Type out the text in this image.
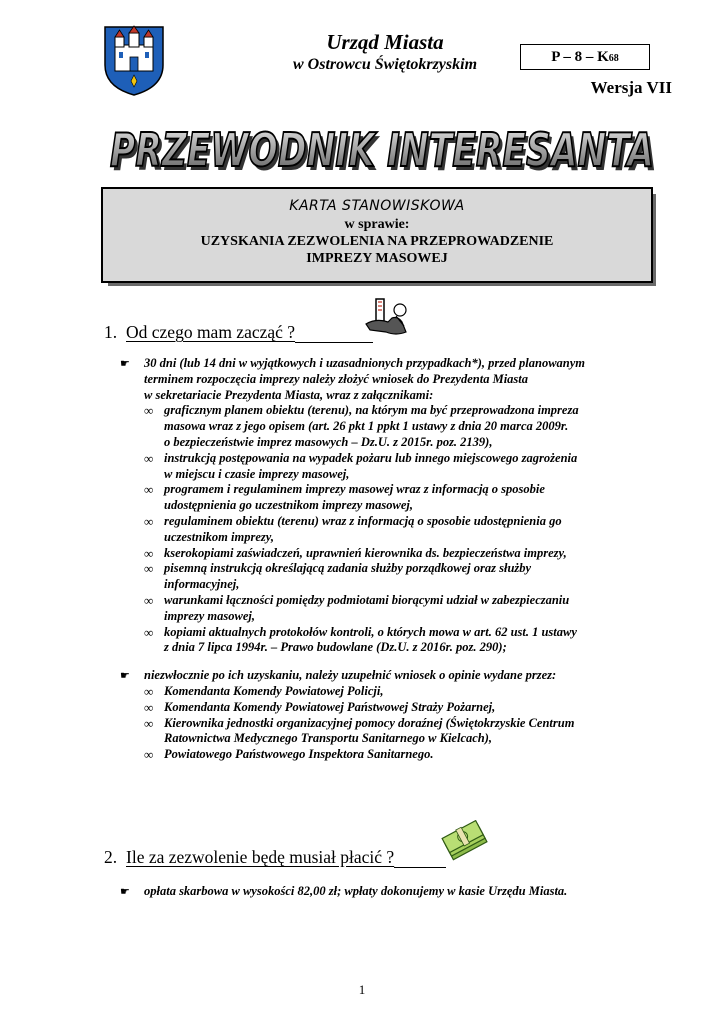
Urząd Miasta
w Ostrowcu Świętokrzyskim	P – 8 – K68
Wersja VII
PRZEWODNIK INTERESANTA
PRZEWODNIK INTERESANTA
KARTA STANOWISKOWA
w sprawie:
UZYSKANIA ZEZWOLENIA NA PRZEPROWADZENIE
IMPREZY MASOWEJ
1. Od czego mam zacząć ?
☛ 30 dni (lub 14 dni w wyjątkowych i uzasadnionych przypadkach*), przed planowanym
terminem rozpoczęcia imprezy należy złożyć wniosek do Prezydenta Miasta
w sekretariacie Prezydenta Miasta, wraz z załącznikami:
∞ graficznym planem obiektu (terenu), na którym ma być przeprowadzona impreza
masowa wraz z jego opisem (art. 26 pkt 1 ppkt 1 ustawy z dnia 20 marca 2009r.
o bezpieczeństwie imprez masowych – Dz.U. z 2015r. poz. 2139),
∞ instrukcją postępowania na wypadek pożaru lub innego miejscowego zagrożenia
w miejscu i czasie imprezy masowej,
∞ programem i regulaminem imprezy masowej wraz z informacją o sposobie
udostępnienia go uczestnikom imprezy masowej,
∞ regulaminem obiektu (terenu) wraz z informacją o sposobie udostępnienia go
uczestnikom imprezy,
∞ kserokopiami zaświadczeń, uprawnień kierownika ds. bezpieczeństwa imprezy,
∞ pisemną instrukcją określającą zadania służby porządkowej oraz służby
informacyjnej,
∞ warunkami łączności pomiędzy podmiotami biorącymi udział w zabezpieczaniu
imprezy masowej,
∞ kopiami aktualnych protokołów kontroli, o których mowa w art. 62 ust. 1 ustawy
z dnia 7 lipca 1994r. – Prawo budowlane (Dz.U. z 2016r. poz. 290);
☛ niezwłocznie po ich uzyskaniu, należy uzupełnić wniosek o opinie wydane przez:
∞ Komendanta Komendy Powiatowej Policji,
∞ Komendanta Komendy Powiatowej Państwowej Straży Pożarnej,
∞ Kierownika jednostki organizacyjnej pomocy doraźnej (Świętokrzyskie Centrum
Ratownictwa Medycznego Transportu Sanitarnego w Kielcach),
∞ Powiatowego Państwowego Inspektora Sanitarnego.
2. Ile za zezwolenie będę musiał płacić ?
☛ opłata skarbowa w wysokości 82,00 zł; wpłaty dokonujemy w kasie Urzędu Miasta.
1
